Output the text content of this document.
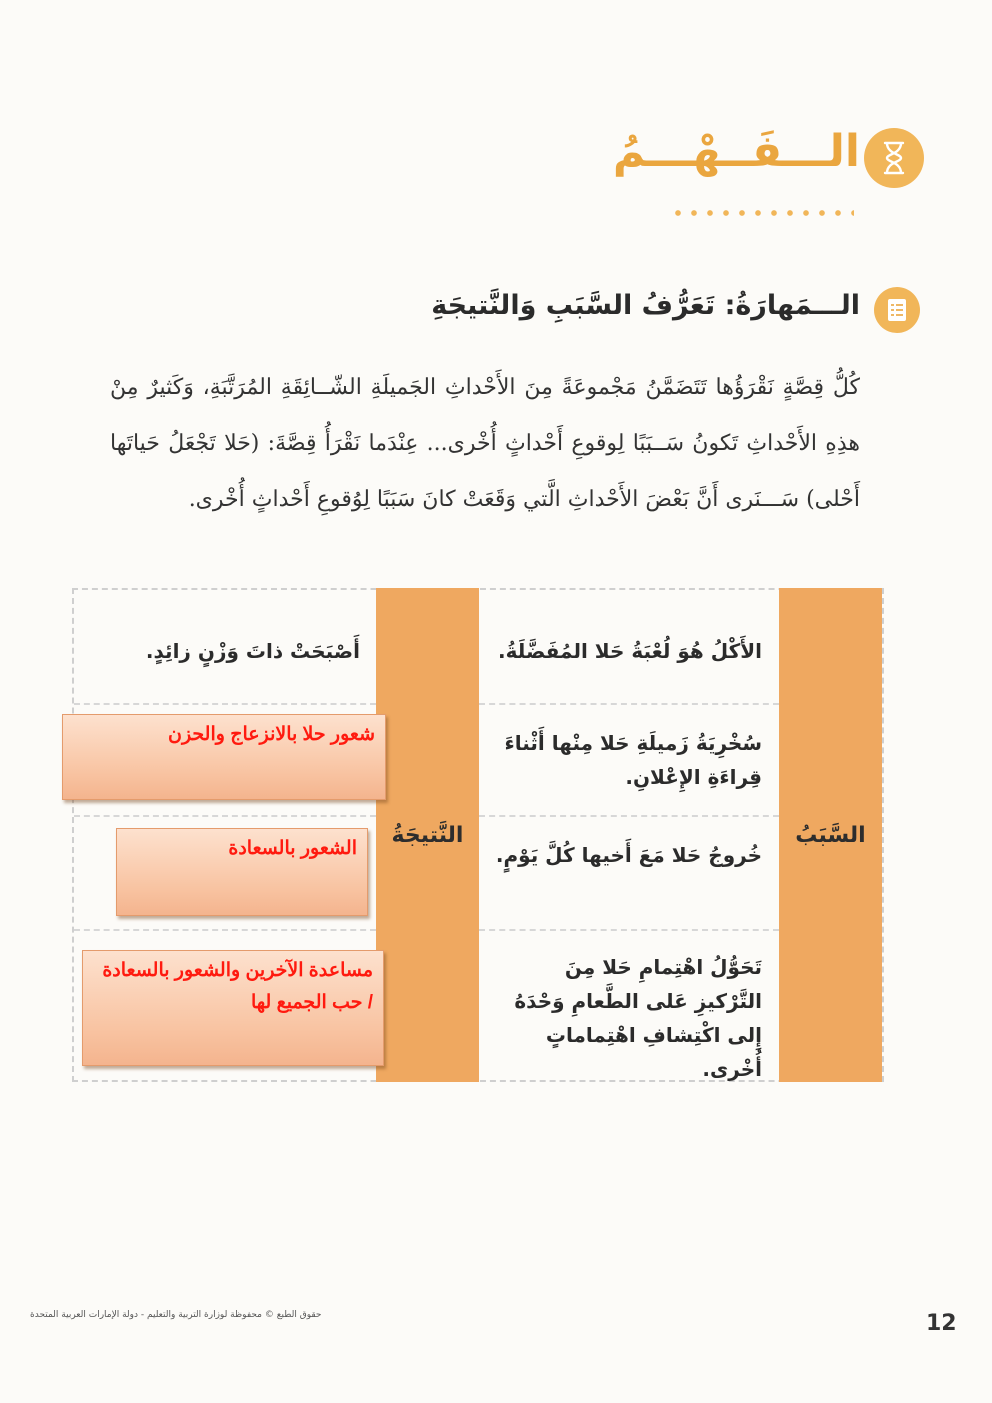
الـــفَــهْـــمُ
الـــمَهارَةُ: تَعَرُّفُ السَّبَبِ وَالنَّتيجَةِ
كُلُّ قِصَّةٍ نَقْرَؤُها تَتَضَمَّنُ مَجْموعَةً مِنَ الأَحْداثِ الجَميلَةِ الشّــائِقَةِ المُرَتَّبَةِ، وَكَثيرٌ مِنْ هذِهِ الأَحْداثِ تَكونُ سَــبَبًا لِوقوعِ أَحْداثٍ أُخْرى... عِنْدَما نَقْرَأُ قِصَّةَ: (حَلا تَجْعَلُ حَياتَها أَحْلى) سَـــنَرى أَنَّ بَعْضَ الأَحْداثِ الَّتي وَقَعَتْ كانَ سَبَبًا لِوُقوعِ أَحْداثٍ أُخْرى.
النَّتيجَةُ	السَّبَبُ
الأَكْلُ هُوَ لُعْبَةُ حَلا المُفَضَّلَةُ.
سُخْرِيَةُ زَميلَةِ حَلا مِنْها أَثْناءَ قِراءَةِ الإِعْلانِ.
خُروجُ حَلا مَعَ أَخيها كُلَّ يَوْمٍ.
تَحَوُّلُ اهْتِمامِ حَلا مِنَ التَّرْكيزِ عَلى الطَّعامِ وَحْدَهُ إِلى اكْتِشافِ اهْتِماماتٍ أُخْرى.
أَصْبَحَتْ ذاتَ وَزْنٍ زائِدٍ.
شعور حلا بالانزعاج والحزن
الشعور بالسعادة
مساعدة الآخرين والشعور بالسعادة / حب الجميع لها
حقوق الطبع © محفوظة لوزارة التربية والتعليم - دولة الإمارات العربية المتحدة	12
